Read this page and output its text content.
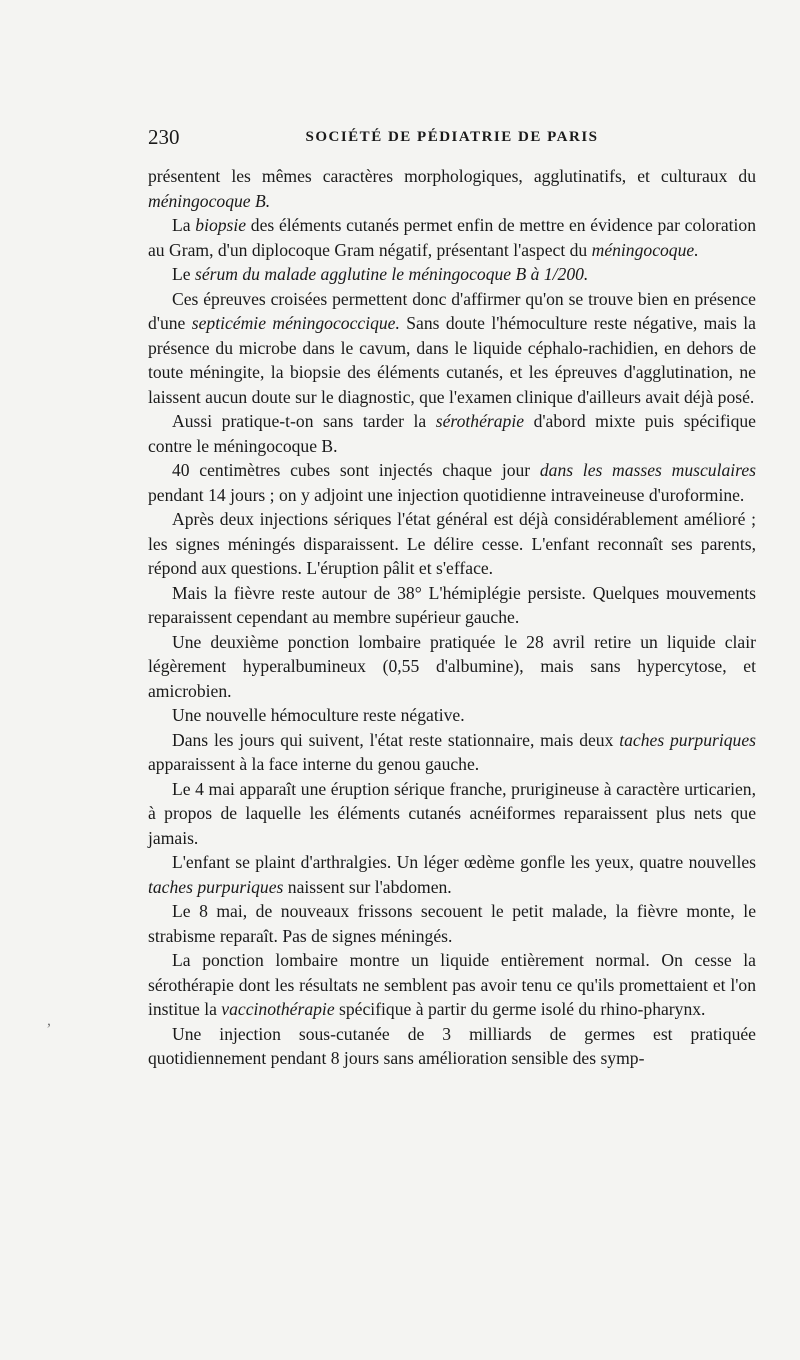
230	SOCIÉTÉ DE PÉDIATRIE DE PARIS

présentent les mêmes caractères morphologiques, agglutinatifs, et culturaux du méningocoque B.

La biopsie des éléments cutanés permet enfin de mettre en évidence par coloration au Gram, d'un diplocoque Gram négatif, présentant l'aspect du méningocoque.

Le sérum du malade agglutine le méningocoque B à 1/200.

Ces épreuves croisées permettent donc d'affirmer qu'on se trouve bien en présence d'une septicémie méningococcique. Sans doute l'hémoculture reste négative, mais la présence du microbe dans le cavum, dans le liquide céphalo-rachidien, en dehors de toute méningite, la biopsie des éléments cutanés, et les épreuves d'agglutination, ne laissent aucun doute sur le diagnostic, que l'examen clinique d'ailleurs avait déjà posé.

Aussi pratique-t-on sans tarder la sérothérapie d'abord mixte puis spécifique contre le méningocoque B.

40 centimètres cubes sont injectés chaque jour dans les masses musculaires pendant 14 jours ; on y adjoint une injection quotidienne intraveineuse d'uroformine.

Après deux injections sériques l'état général est déjà considérablement amélioré ; les signes méningés disparaissent. Le délire cesse. L'enfant reconnaît ses parents, répond aux questions. L'éruption pâlit et s'efface.

Mais la fièvre reste autour de 38° L'hémiplégie persiste. Quelques mouvements reparaissent cependant au membre supérieur gauche.

Une deuxième ponction lombaire pratiquée le 28 avril retire un liquide clair légèrement hyperalbumineux (0,55 d'albumine), mais sans hypercytose, et amicrobien.

Une nouvelle hémoculture reste négative.

Dans les jours qui suivent, l'état reste stationnaire, mais deux taches purpuriques apparaissent à la face interne du genou gauche.

Le 4 mai apparaît une éruption sérique franche, prurigineuse à caractère urticarien, à propos de laquelle les éléments cutanés acnéiformes reparaissent plus nets que jamais.

L'enfant se plaint d'arthralgies. Un léger œdème gonfle les yeux, quatre nouvelles taches purpuriques naissent sur l'abdomen.

Le 8 mai, de nouveaux frissons secouent le petit malade, la fièvre monte, le strabisme reparaît. Pas de signes méningés.

La ponction lombaire montre un liquide entièrement normal. On cesse la sérothérapie dont les résultats ne semblent pas avoir tenu ce qu'ils promettaient et l'on institue la vaccinothérapie spécifique à partir du germe isolé du rhino-pharynx.

Une injection sous-cutanée de 3 milliards de germes est pratiquée quotidiennement pendant 8 jours sans amélioration sensible des symp-

,
